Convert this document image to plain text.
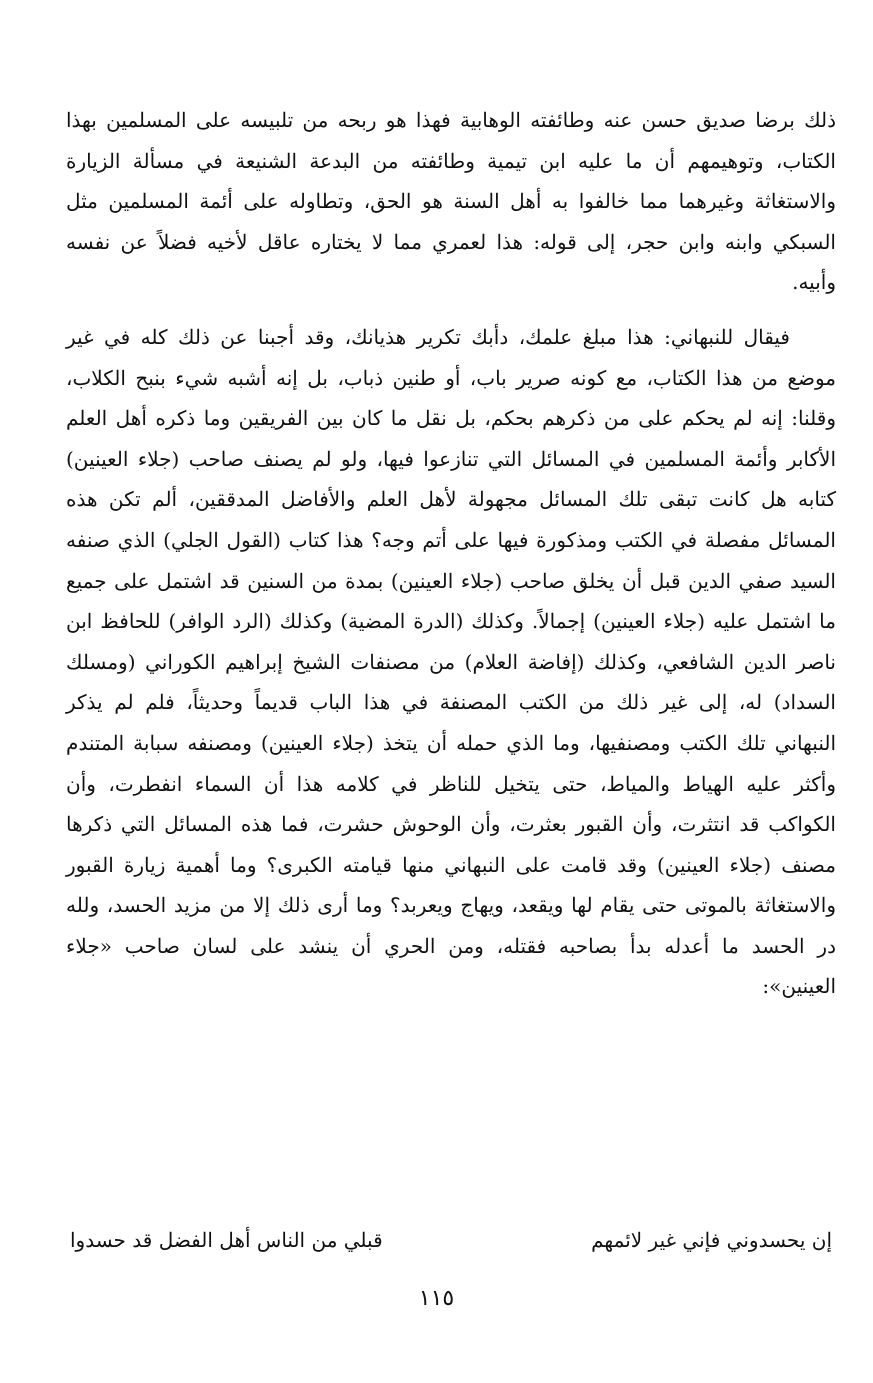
ذلك برضا صديق حسن عنه وطائفته الوهابية فهذا هو ربحه من تلبيسه على المسلمين بهذا الكتاب، وتوهيمهم أن ما عليه ابن تيمية وطائفته من البدعة الشنيعة في مسألة الزيارة والاستغاثة وغيرهما مما خالفوا به أهل السنة هو الحق، وتطاوله على أئمة المسلمين مثل السبكي وابنه وابن حجر، إلى قوله: هذا لعمري مما لا يختاره عاقل لأخيه فضلاً عن نفسه وأبيه.

فيقال للنبهاني: هذا مبلغ علمك، دأبك تكرير هذيانك، وقد أجبنا عن ذلك كله في غير موضع من هذا الكتاب، مع كونه صرير باب، أو طنين ذباب، بل إنه أشبه شيء بنبح الكلاب، وقلنا: إنه لم يحكم على من ذكرهم بحكم، بل نقل ما كان بين الفريقين وما ذكره أهل العلم الأكابر وأئمة المسلمين في المسائل التي تنازعوا فيها، ولو لم يصنف صاحب (جلاء العينين) كتابه هل كانت تبقى تلك المسائل مجهولة لأهل العلم والأفاضل المدققين، ألم تكن هذه المسائل مفصلة في الكتب ومذكورة فيها على أتم وجه؟ هذا كتاب (القول الجلي) الذي صنفه السيد صفي الدين قبل أن يخلق صاحب (جلاء العينين) بمدة من السنين قد اشتمل على جميع ما اشتمل عليه (جلاء العينين) إجمالاً. وكذلك (الدرة المضية) وكذلك (الرد الوافر) للحافظ ابن ناصر الدين الشافعي، وكذلك (إفاضة العلام) من مصنفات الشيخ إبراهيم الكوراني (ومسلك السداد) له، إلى غير ذلك من الكتب المصنفة في هذا الباب قديماً وحديثاً، فلم لم يذكر النبهاني تلك الكتب ومصنفيها، وما الذي حمله أن يتخذ (جلاء العينين) ومصنفه سبابة المتندم وأكثر عليه الهياط والمياط، حتى يتخيل للناظر في كلامه هذا أن السماء انفطرت، وأن الكواكب قد انتثرت، وأن القبور بعثرت، وأن الوحوش حشرت، فما هذه المسائل التي ذكرها مصنف (جلاء العينين) وقد قامت على النبهاني منها قيامته الكبرى؟ وما أهمية زيارة القبور والاستغاثة بالموتى حتى يقام لها ويقعد، ويهاج ويعربد؟ وما أرى ذلك إلا من مزيد الحسد، ولله در الحسد ما أعدله بدأ بصاحبه فقتله، ومن الحري أن ينشد على لسان صاحب «جلاء العينين»:

إن يحسدوني فإني غير لائمهم
قبلي من الناس أهل الفضل قد حسدوا
١١٥
